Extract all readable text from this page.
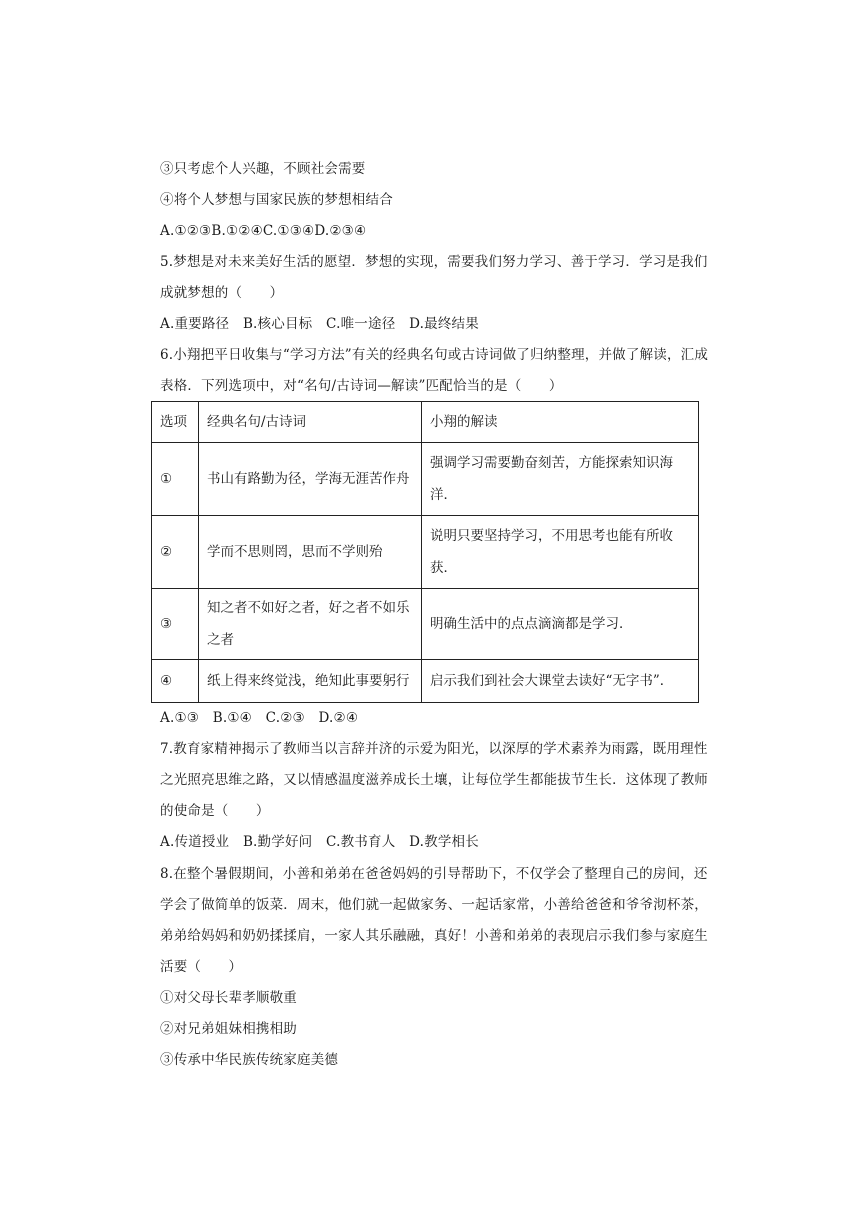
③只考虑个人兴趣，不顾社会需要
④将个人梦想与国家民族的梦想相结合
A.①②③B.①②④C.①③④D.②③④
5.梦想是对未来美好生活的愿望．梦想的实现，需要我们努力学习、善于学习．学习是我们
成就梦想的（　　）
A.重要路径　B.核心目标　C.唯一途径　D.最终结果
6.小翔把平日收集与“学习方法”有关的经典名句或古诗词做了归纳整理，并做了解读，汇成
表格．下列选项中，对“名句/古诗词—解读”匹配恰当的是（　　）
选项	经典名句/古诗词	小翔的解读
①	书山有路勤为径，学海无涯苦作舟	强调学习需要勤奋刻苦，方能探索知识海洋．
②	学而不思则罔，思而不学则殆	说明只要坚持学习，不用思考也能有所收获．
③	知之者不如好之者，好之者不如乐之者	明确生活中的点点滴滴都是学习．
④	纸上得来终觉浅，绝知此事要躬行	启示我们到社会大课堂去读好“无字书”．
A.①③　B.①④　C.②③　D.②④
7.教育家精神揭示了教师当以言辞并济的示爱为阳光，以深厚的学术素养为雨露，既用理性
之光照亮思维之路，又以情感温度滋养成长土壤，让每位学生都能拔节生长．这体现了教师
的使命是（　　）
A.传道授业　B.勤学好问　C.教书育人　D.教学相长
8.在整个暑假期间，小善和弟弟在爸爸妈妈的引导帮助下，不仅学会了整理自己的房间，还
学会了做简单的饭菜．周末，他们就一起做家务、一起话家常，小善给爸爸和爷爷沏杯茶，
弟弟给妈妈和奶奶揉揉肩，一家人其乐融融，真好！小善和弟弟的表现启示我们参与家庭生
活要（　　）
①对父母长辈孝顺敬重
②对兄弟姐妹相携相助
③传承中华民族传统家庭美德
